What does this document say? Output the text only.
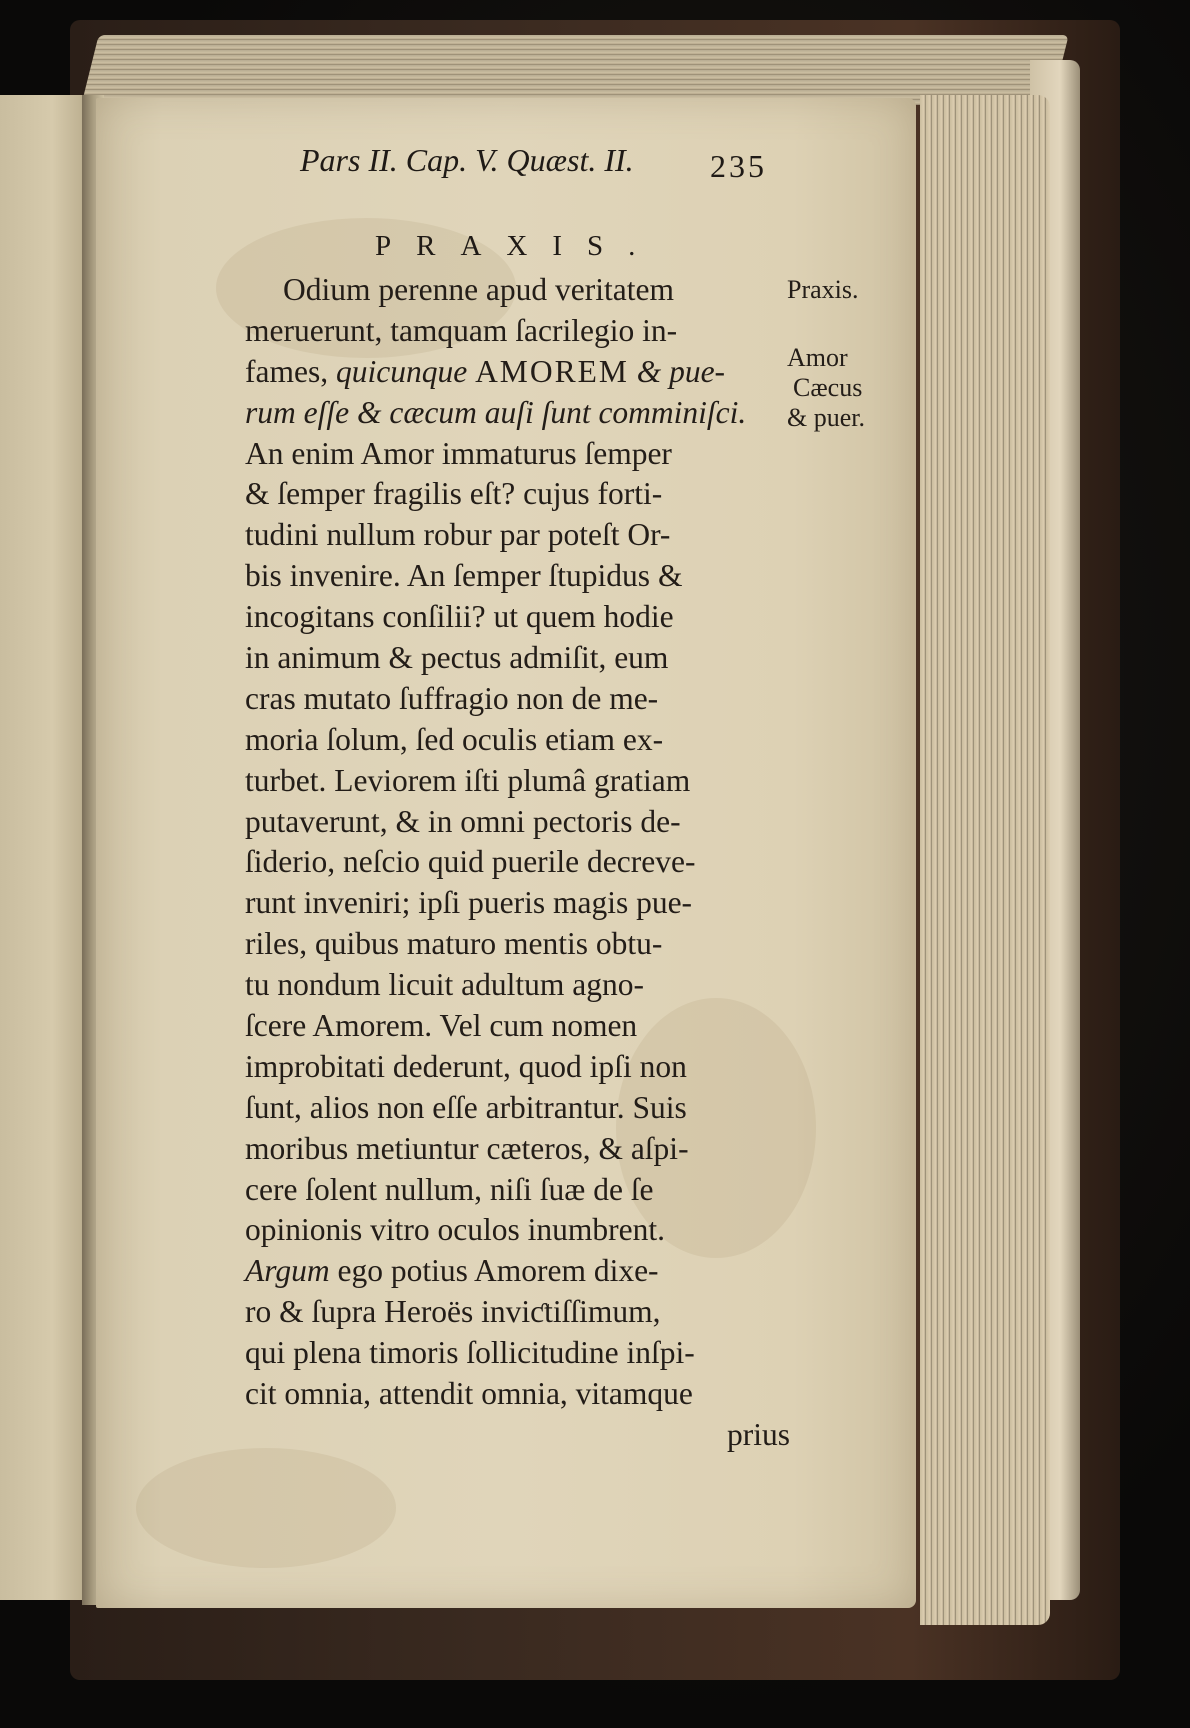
Pars II. Cap. V. Quæst. II.	235
PRAXIS.
Odium perenne apud veritatem
meruerunt, tamquam ſacrilegio in-
fames, quicunque AMOREM & pue-
rum eſſe & cæcum auſi ſunt comminiſci.
An enim Amor immaturus ſemper
& ſemper fragilis eſt? cujus forti-
tudini nullum robur par poteſt Or-
bis invenire. An ſemper ſtupidus &
incogitans conſilii? ut quem hodie
in animum & pectus admiſit, eum
cras mutato ſuffragio non de me-
moria ſolum, ſed oculis etiam ex-
turbet. Leviorem iſti plumâ gratiam
putaverunt, & in omni pectoris de-
ſiderio, neſcio quid puerile decreve-
runt inveniri; ipſi pueris magis pue-
riles, quibus maturo mentis obtu-
tu nondum licuit adultum agno-
ſcere Amorem. Vel cum nomen
improbitati dederunt, quod ipſi non
ſunt, alios non eſſe arbitrantur. Suis
moribus metiuntur cæteros, & aſpi-
cere ſolent nullum, niſi ſuæ de ſe
opinionis vitro oculos inumbrent.
Argum ego potius Amorem dixe-
ro & ſupra Heroës inviƈtiſſimum,
qui plena timoris ſollicitudine inſpi-
cit omnia, attendit omnia, vitamque
prius
Praxis.
Amor
Cæcus
& puer.
